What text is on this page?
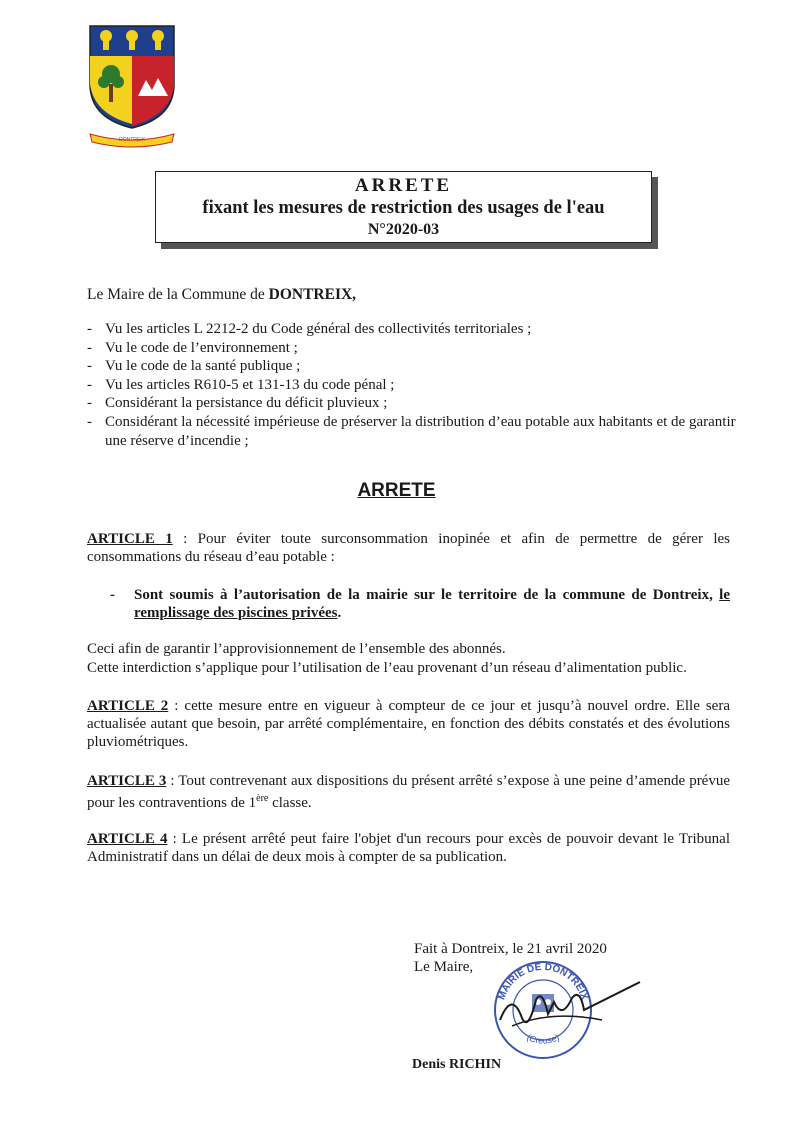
DONTREIX
ARRETE
fixant les mesures de restriction des usages de l'eau
N°2020-03
Le Maire de la Commune de DONTREIX,
- Vu les articles L 2212-2 du Code général des collectivités territoriales ;
- Vu le code de l’environnement ;
- Vu le code de la santé publique ;
- Vu les articles R610-5 et 131-13 du code pénal ;
- Considérant la persistance du déficit pluvieux ;
- Considérant la nécessité impérieuse de préserver la distribution d’eau potable aux habitants et de garantir une réserve d’incendie ;
ARRETE
ARTICLE 1 : Pour éviter toute surconsommation inopinée et afin de permettre de gérer les consommations du réseau d’eau potable :
- Sont soumis à l’autorisation de la mairie sur le territoire de la commune de Dontreix, le remplissage des piscines privées.
Ceci afin de garantir l’approvisionnement de l’ensemble des abonnés.
Cette interdiction s’applique pour l’utilisation de l’eau provenant d’un réseau d’alimentation public.
ARTICLE 2 : cette mesure entre en vigueur à compteur de ce jour et jusqu’à nouvel ordre. Elle sera actualisée autant que besoin, par arrêté complémentaire, en fonction des débits constatés et des évolutions pluviométriques.
ARTICLE 3 : Tout contrevenant aux dispositions du présent arrêté s’expose à une peine d’amende prévue pour les contraventions de 1ère classe.
ARTICLE 4 : Le présent arrêté peut faire l'objet d'un recours pour excès de pouvoir devant le Tribunal Administratif dans un délai de deux mois à compter de sa publication.
Fait à Dontreix, le 21 avril 2020
Le Maire,
MAIRIE DE DONTREIX
(Creuse)
Denis RICHIN
